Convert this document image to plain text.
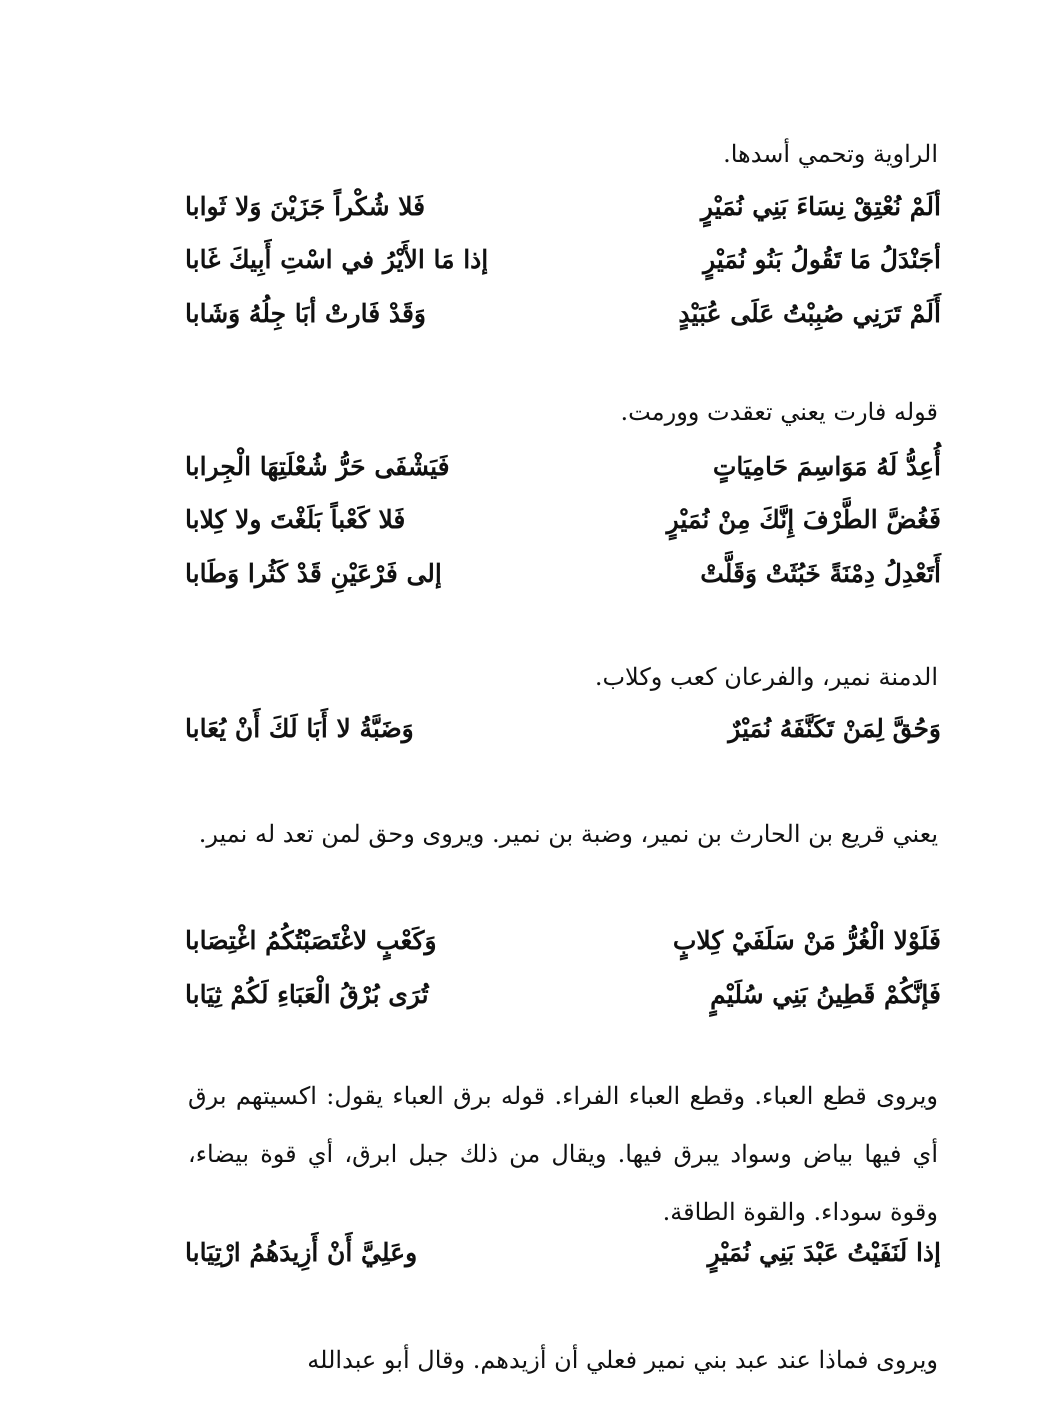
الراوية وتحمي أسدها.
ألَمْ نُعْتِقْ نِسَاءَ بَنِي نُمَيْرٍ
فَلا شُكْراً جَزَيْنَ وَلا ثَوابا
أجَنْدَلُ مَا تَقُولُ بَنُو نُمَيْرٍ
إذا مَا الأَيْرُ في اسْتِ أَبِيكَ غَابا
أَلَمْ تَرَنِي صُبِبْتُ عَلَى عُبَيْدٍ
وَقَدْ فَارتْ أبَا جِلُهُ وَشَابا
قوله فارت يعني تعقدت وورمت.
أُعِدُّ لَهُ مَوَاسِمَ حَامِيَاتٍ
فَيَشْفَى حَرُّ شُعْلَتِهَا الْجِرابا
فَغُضَّ الطَّرْفَ إِنَّكَ مِنْ نُمَيْرٍ
فَلا كَعْباً بَلَغْتَ ولا كِلابا
أَتَعْدِلُ دِمْنَةً خَبُثَتْ وَقَلَّتْ
إلى فَرْعَيْنِ قَدْ كَثُرا وَطَابا
الدمنة نمير، والفرعان كعب وكلاب.
وَحُقَّ لِمَنْ تَكَنَّفَهُ نُمَيْرٌ
وَضَبَّةُ لا أَبَا لَكَ أَنْ يُعَابا
يعني قريع بن الحارث بن نمير، وضبة بن نمير. ويروى وحق لمن تعد له نمير.
فَلَوْلا الْغُرُّ مَنْ سَلَفَيْ كِلابٍ
وَكَعْبٍ لاغْتَصَبْتُكُمُ اغْتِصَابا
فَإنَّكُمْ قَطِينُ بَنِي سُلَيْمٍ
تُرَى بُرْقُ الْعَبَاءِ لَكُمْ ثِيَابا
ويروى قطع العباء. وقطع العباء الفراء. قوله برق العباء يقول: اكسيتهم برق أي فيها بياض وسواد يبرق فيها. ويقال من ذلك جبل ابرق، أي قوة بيضاء، وقوة سوداء. والقوة الطاقة.
إذا لَنَفَيْتُ عَبْدَ بَنِي نُمَيْرٍ
وعَلِيَّ أَنْ أَزِيدَهُمُ ارْتِيَابا
ويروى فماذا عند عبد بني نمير فعلي أن أزيدهم. وقال أبو عبدالله
